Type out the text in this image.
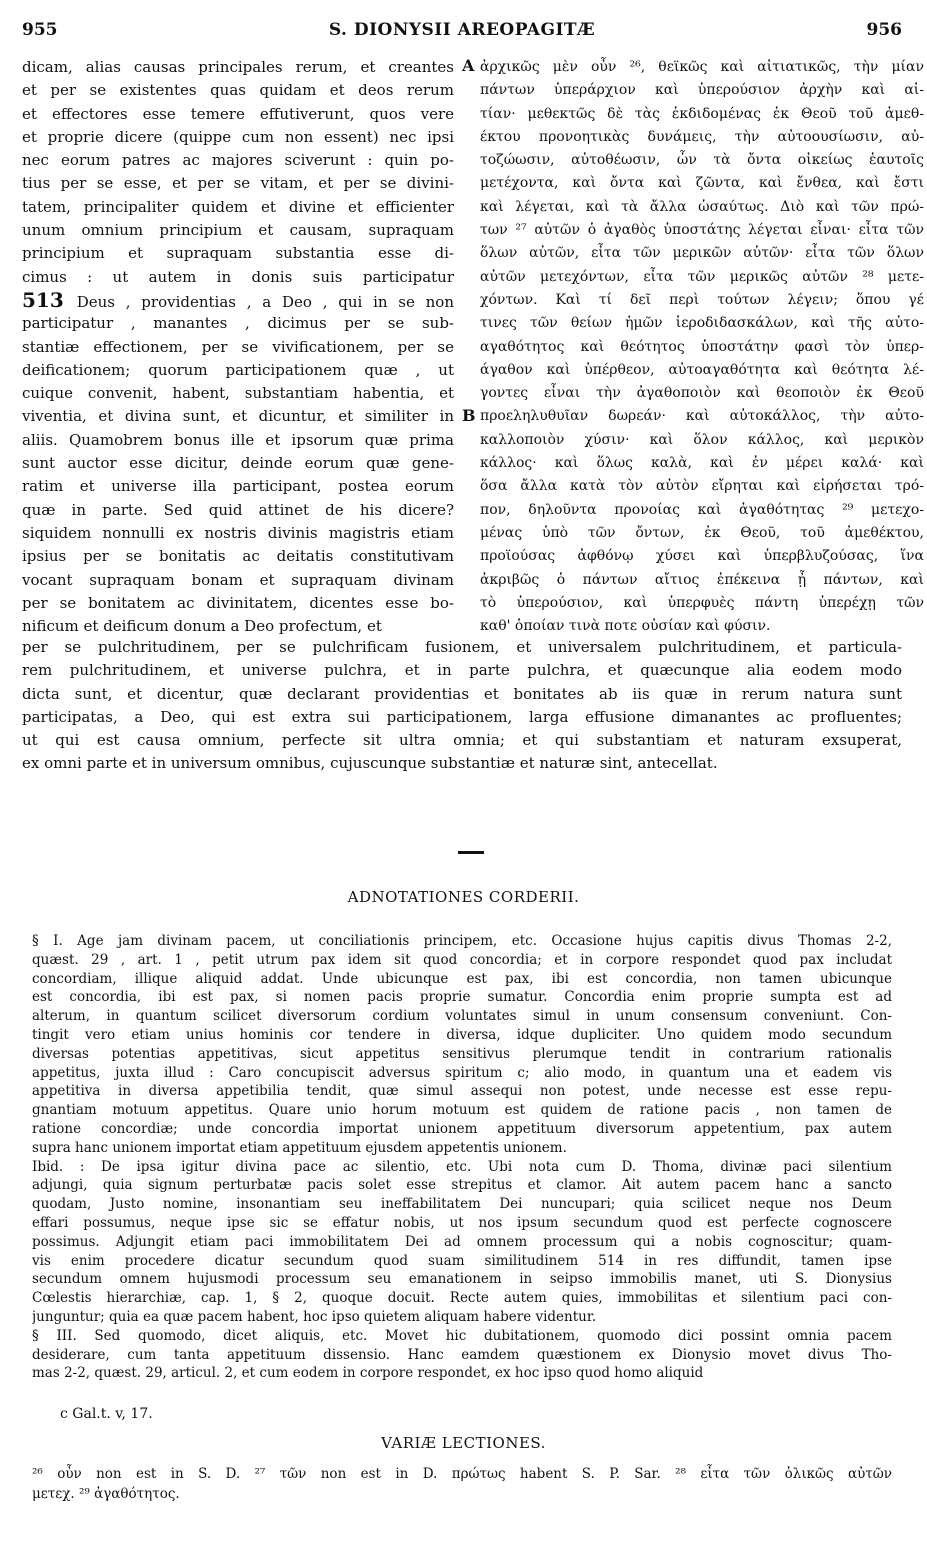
955	S. DIONYSII AREOPAGITÆ	956
dicam, alias causas principales rerum, et creantes
et per se existentes quas quidam et deos rerum
et effectores esse temere effutiverunt, quos vere
et proprie dicere (quippe cum non essent) nec ipsi
nec eorum patres ac majores sciverunt : quin po-
tius per se esse, et per se vitam, et per se divini-
tatem, principaliter quidem et divine et efficienter
unum omnium principium et causam, supraquam
principium et supraquam substantia esse di-
cimus : ut autem in donis suis participatur
513 Deus , providentias , a Deo , qui in se non
participatur , manantes , dicimus per se sub-
stantiæ effectionem, per se vivificationem, per se
deificationem; quorum participationem quæ , ut
cuique convenit, habent, substantiam habentia, et
viventia, et divina sunt, et dicuntur, et similiter in
aliis. Quamobrem bonus ille et ipsorum quæ prima
sunt auctor esse dicitur, deinde eorum quæ gene-
ratim et universe illa participant, postea eorum
quæ in parte. Sed quid attinet de his dicere?
siquidem nonnulli ex nostris divinis magistris etiam
ipsius per se bonitatis ac deitatis constitutivam
vocant supraquam bonam et supraquam divinam
per se bonitatem ac divinitatem, dicentes esse bo-
nificum et deificum donum a Deo profectum, et
A
B
ἀρχικῶς μὲν οὖν ²⁶, θεϊκῶς καὶ αἰτιατικῶς, τὴν μίαν
πάντων ὑπεράρχιον καὶ ὑπερούσιον ἀρχὴν καὶ αἰ-
τίαν· μεθεκτῶς δὲ τὰς ἐκδιδομένας ἐκ Θεοῦ τοῦ ἀμεθ-
έκτου προνοητικὰς δυνάμεις, τὴν αὐτοουσίωσιν, αὐ-
τοζώωσιν, αὐτοθέωσιν, ὧν τὰ ὄντα οἰκείως ἑαυτοῖς
μετέχοντα, καὶ ὄντα καὶ ζῶντα, καὶ ἔνθεα, καὶ ἔστι
καὶ λέγεται, καὶ τὰ ἄλλα ὡσαύτως. Διὸ καὶ τῶν πρώ-
των ²⁷ αὐτῶν ὁ ἀγαθὸς ὑποστάτης λέγεται εἶναι· εἶτα τῶν
ὅλων αὐτῶν, εἶτα τῶν μερικῶν αὐτῶν· εἶτα τῶν ὅλων
αὐτῶν μετεχόντων, εἶτα τῶν μερικῶς αὐτῶν ²⁸ μετε-
χόντων. Καὶ τί δεῖ περὶ τούτων λέγειν; ὅπου γέ
τινες τῶν θείων ἡμῶν ἱεροδιδασκάλων, καὶ τῆς αὐτο-
αγαθότητος καὶ θεότητος ὑποστάτην φασὶ τὸν ὑπερ-
άγαθον καὶ ὑπέρθεον, αὐτοαγαθότητα καὶ θεότητα λέ-
γοντες εἶναι τὴν ἀγαθοποιὸν καὶ θεοποιὸν ἐκ Θεοῦ
προεληλυθυῖαν δωρεάν· καὶ αὐτοκάλλος, τὴν αὐτο-
καλλοποιὸν χύσιν· καὶ ὅλον κάλλος, καὶ μερικὸν
κάλλος· καὶ ὅλως καλὰ, καὶ ἐν μέρει καλά· καὶ
ὅσα ἄλλα κατὰ τὸν αὐτὸν εἴρηται καὶ εἰρήσεται τρό-
πον, δηλοῦντα προνοίας καὶ ἀγαθότητας ²⁹ μετεχο-
μένας ὑπὸ τῶν ὄντων, ἐκ Θεοῦ, τοῦ ἀμεθέκτου,
προϊούσας ἀφθόνῳ χύσει καὶ ὑπερβλυζούσας, ἵνα
ἀκριβῶς ὁ πάντων αἴτιος ἐπέκεινα ᾖ πάντων, καὶ
τὸ ὑπερούσιον, καὶ ὑπερφυὲς πάντη ὑπερέχῃ τῶν
καθ' ὁποίαν τινὰ ποτε οὐσίαν καὶ φύσιν.
per se pulchritudinem, per se pulchrificam fusionem, et universalem pulchritudinem, et particula-
rem pulchritudinem, et universe pulchra, et in parte pulchra, et quæcunque alia eodem modo
dicta sunt, et dicentur, quæ declarant providentias et bonitates ab iis quæ in rerum natura sunt
participatas, a Deo, qui est extra sui participationem, larga effusione dimanantes ac profluentes;
ut qui est causa omnium, perfecte sit ultra omnia; et qui substantiam et naturam exsuperat,
ex omni parte et in universum omnibus, cujuscunque substantiæ et naturæ sint, antecellat.
ADNOTATIONES CORDERII.
§ I. Age jam divinam pacem, ut conciliationis principem, etc. Occasione hujus capitis divus Thomas 2-2,
quæst. 29 , art. 1 , petit utrum pax idem sit quod concordia; et in corpore respondet quod pax includat
concordiam, illique aliquid addat. Unde ubicunque est pax, ibi est concordia, non tamen ubicunque
est concordia, ibi est pax, si nomen pacis proprie sumatur. Concordia enim proprie sumpta est ad
alterum, in quantum scilicet diversorum cordium voluntates simul in unum consensum conveniunt. Con-
tingit vero etiam unius hominis cor tendere in diversa, idque dupliciter. Uno quidem modo secundum
diversas potentias appetitivas, sicut appetitus sensitivus plerumque tendit in contrarium rationalis
appetitus, juxta illud : Caro concupiscit adversus spiritum c; alio modo, in quantum una et eadem vis
appetitiva in diversa appetibilia tendit, quæ simul assequi non potest, unde necesse est esse repu-
gnantiam motuum appetitus. Quare unio horum motuum est quidem de ratione pacis , non tamen de
ratione concordiæ; unde concordia importat unionem appetituum diversorum appetentium, pax autem
supra hanc unionem importat etiam appetituum ejusdem appetentis unionem.
Ibid. : De ipsa igitur divina pace ac silentio, etc. Ubi nota cum D. Thoma, divinæ paci silentium
adjungi, quia signum perturbatæ pacis solet esse strepitus et clamor. Ait autem pacem hanc a sancto
quodam, Justo nomine, insonantiam seu ineffabilitatem Dei nuncupari; quia scilicet neque nos Deum
effari possumus, neque ipse sic se effatur nobis, ut nos ipsum secundum quod est perfecte cognoscere
possimus. Adjungit etiam paci immobilitatem Dei ad omnem processum qui a nobis cognoscitur; quam-
vis enim procedere dicatur secundum quod suam similitudinem 514 in res diffundit, tamen ipse
secundum omnem hujusmodi processum seu emanationem in seipso immobilis manet, uti S. Dionysius
Cœlestis hierarchiæ, cap. 1, § 2, quoque docuit. Recte autem quies, immobilitas et silentium paci con-
junguntur; quia ea quæ pacem habent, hoc ipso quietem aliquam habere videntur.
§ III. Sed quomodo, dicet aliquis, etc. Movet hic dubitationem, quomodo dici possint omnia pacem
desiderare, cum tanta appetituum dissensio. Hanc eamdem quæstionem ex Dionysio movet divus Tho-
mas 2-2, quæst. 29, articul. 2, et cum eodem in corpore respondet, ex hoc ipso quod homo aliquid
c Gal.t. v, 17.
VARIÆ LECTIONES.
²⁶ οὖν non est in S. D. ²⁷ τῶν non est in D. πρώτως habent S. P. Sar. ²⁸ εἶτα τῶν ὁλικῶς αὐτῶν
μετεχ. ²⁹ ἀγαθότητος.
